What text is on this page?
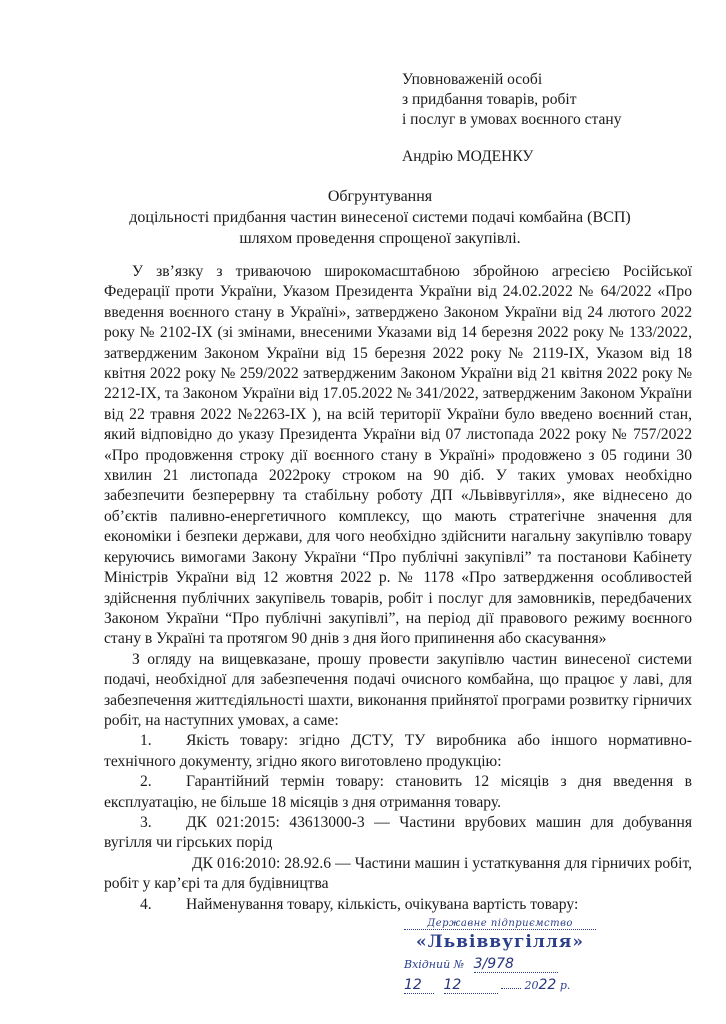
Уповноваженій особі
з придбання товарів, робіт
і послуг в умовах воєнного стану
Андрію МОДЕНКУ
Обгрунтування
доцільності придбання частин винесеної системи подачі комбайна (ВСП)
шляхом проведення спрощеної закупівлі.

У зв’язку з триваючою широкомасштабною збройною агресією Російської Федерації проти України, Указом Президента України від 24.02.2022 № 64/2022 «Про введення воєнного стану в Україні», затверджено Законом України від 24 лютого 2022 року № 2102-IX (зі змінами, внесеними Указами від 14 березня 2022 року № 133/2022, затвердженим Законом України від 15 березня 2022 року № 2119-IX, Указом від 18 квітня 2022 року № 259/2022 затвердженим Законом України від 21 квітня 2022 року № 2212-IX, та Законом України від 17.05.2022 № 341/2022, затвердженим Законом України від 22 травня 2022 №2263-IX ), на всій території України було введено воєнний стан, який відповідно до указу Президента України від 07 листопада 2022 року № 757/2022 «Про продовження строку дії воєнного стану в Україні» продовжено з 05 години 30 хвилин 21 листопада 2022року строком на 90 діб. У таких умовах необхідно забезпечити безперервну та стабільну роботу ДП «Львіввугілля», яке віднесено до об’єктів паливно-енергетичного комплексу, що мають стратегічне значення для економіки і безпеки держави, для чого необхідно здійснити нагальну закупівлю товару керуючись вимогами Закону України “Про публічні закупівлі” та постанови Кабінету Міністрів України від 12 жовтня 2022 р. № 1178 «Про затвердження особливостей здійснення публічних закупівель товарів, робіт і послуг для замовників, передбачених Законом України “Про публічні закупівлі”, на період дії правового режиму воєнного стану в Україні та протягом 90 днів з дня його припинення або скасування»

З огляду на вищевказане, прошу провести закупівлю частин винесеної системи подачі, необхідної для забезпечення подачі очисного комбайна, що працює у лаві, для забезпечення життєдіяльності шахти, виконання прийнятої програми розвитку гірничих робіт, на наступних умовах, а саме:

1. Якість товару: згідно ДСТУ, ТУ виробника або іншого нормативно-технічного документу, згідно якого виготовлено продукцію:

2. Гарантійний термін товару: становить 12 місяців з дня введення в експлуатацію, не більше 18 місяців з дня отримання товару.

3. ДК 021:2015: 43613000-3 — Частини врубових машин для добування вугілля чи гірських порід

ДК 016:2010: 28.92.6 — Частини машин і устаткування для гірничих робіт, робіт у кар’єрі та для будівництва

4. Найменування товару, кількість, очікувана вартість товару:

Державне підприємство
«Львіввугілля»
Вхідний № 3/978
12 12	2022 р.
